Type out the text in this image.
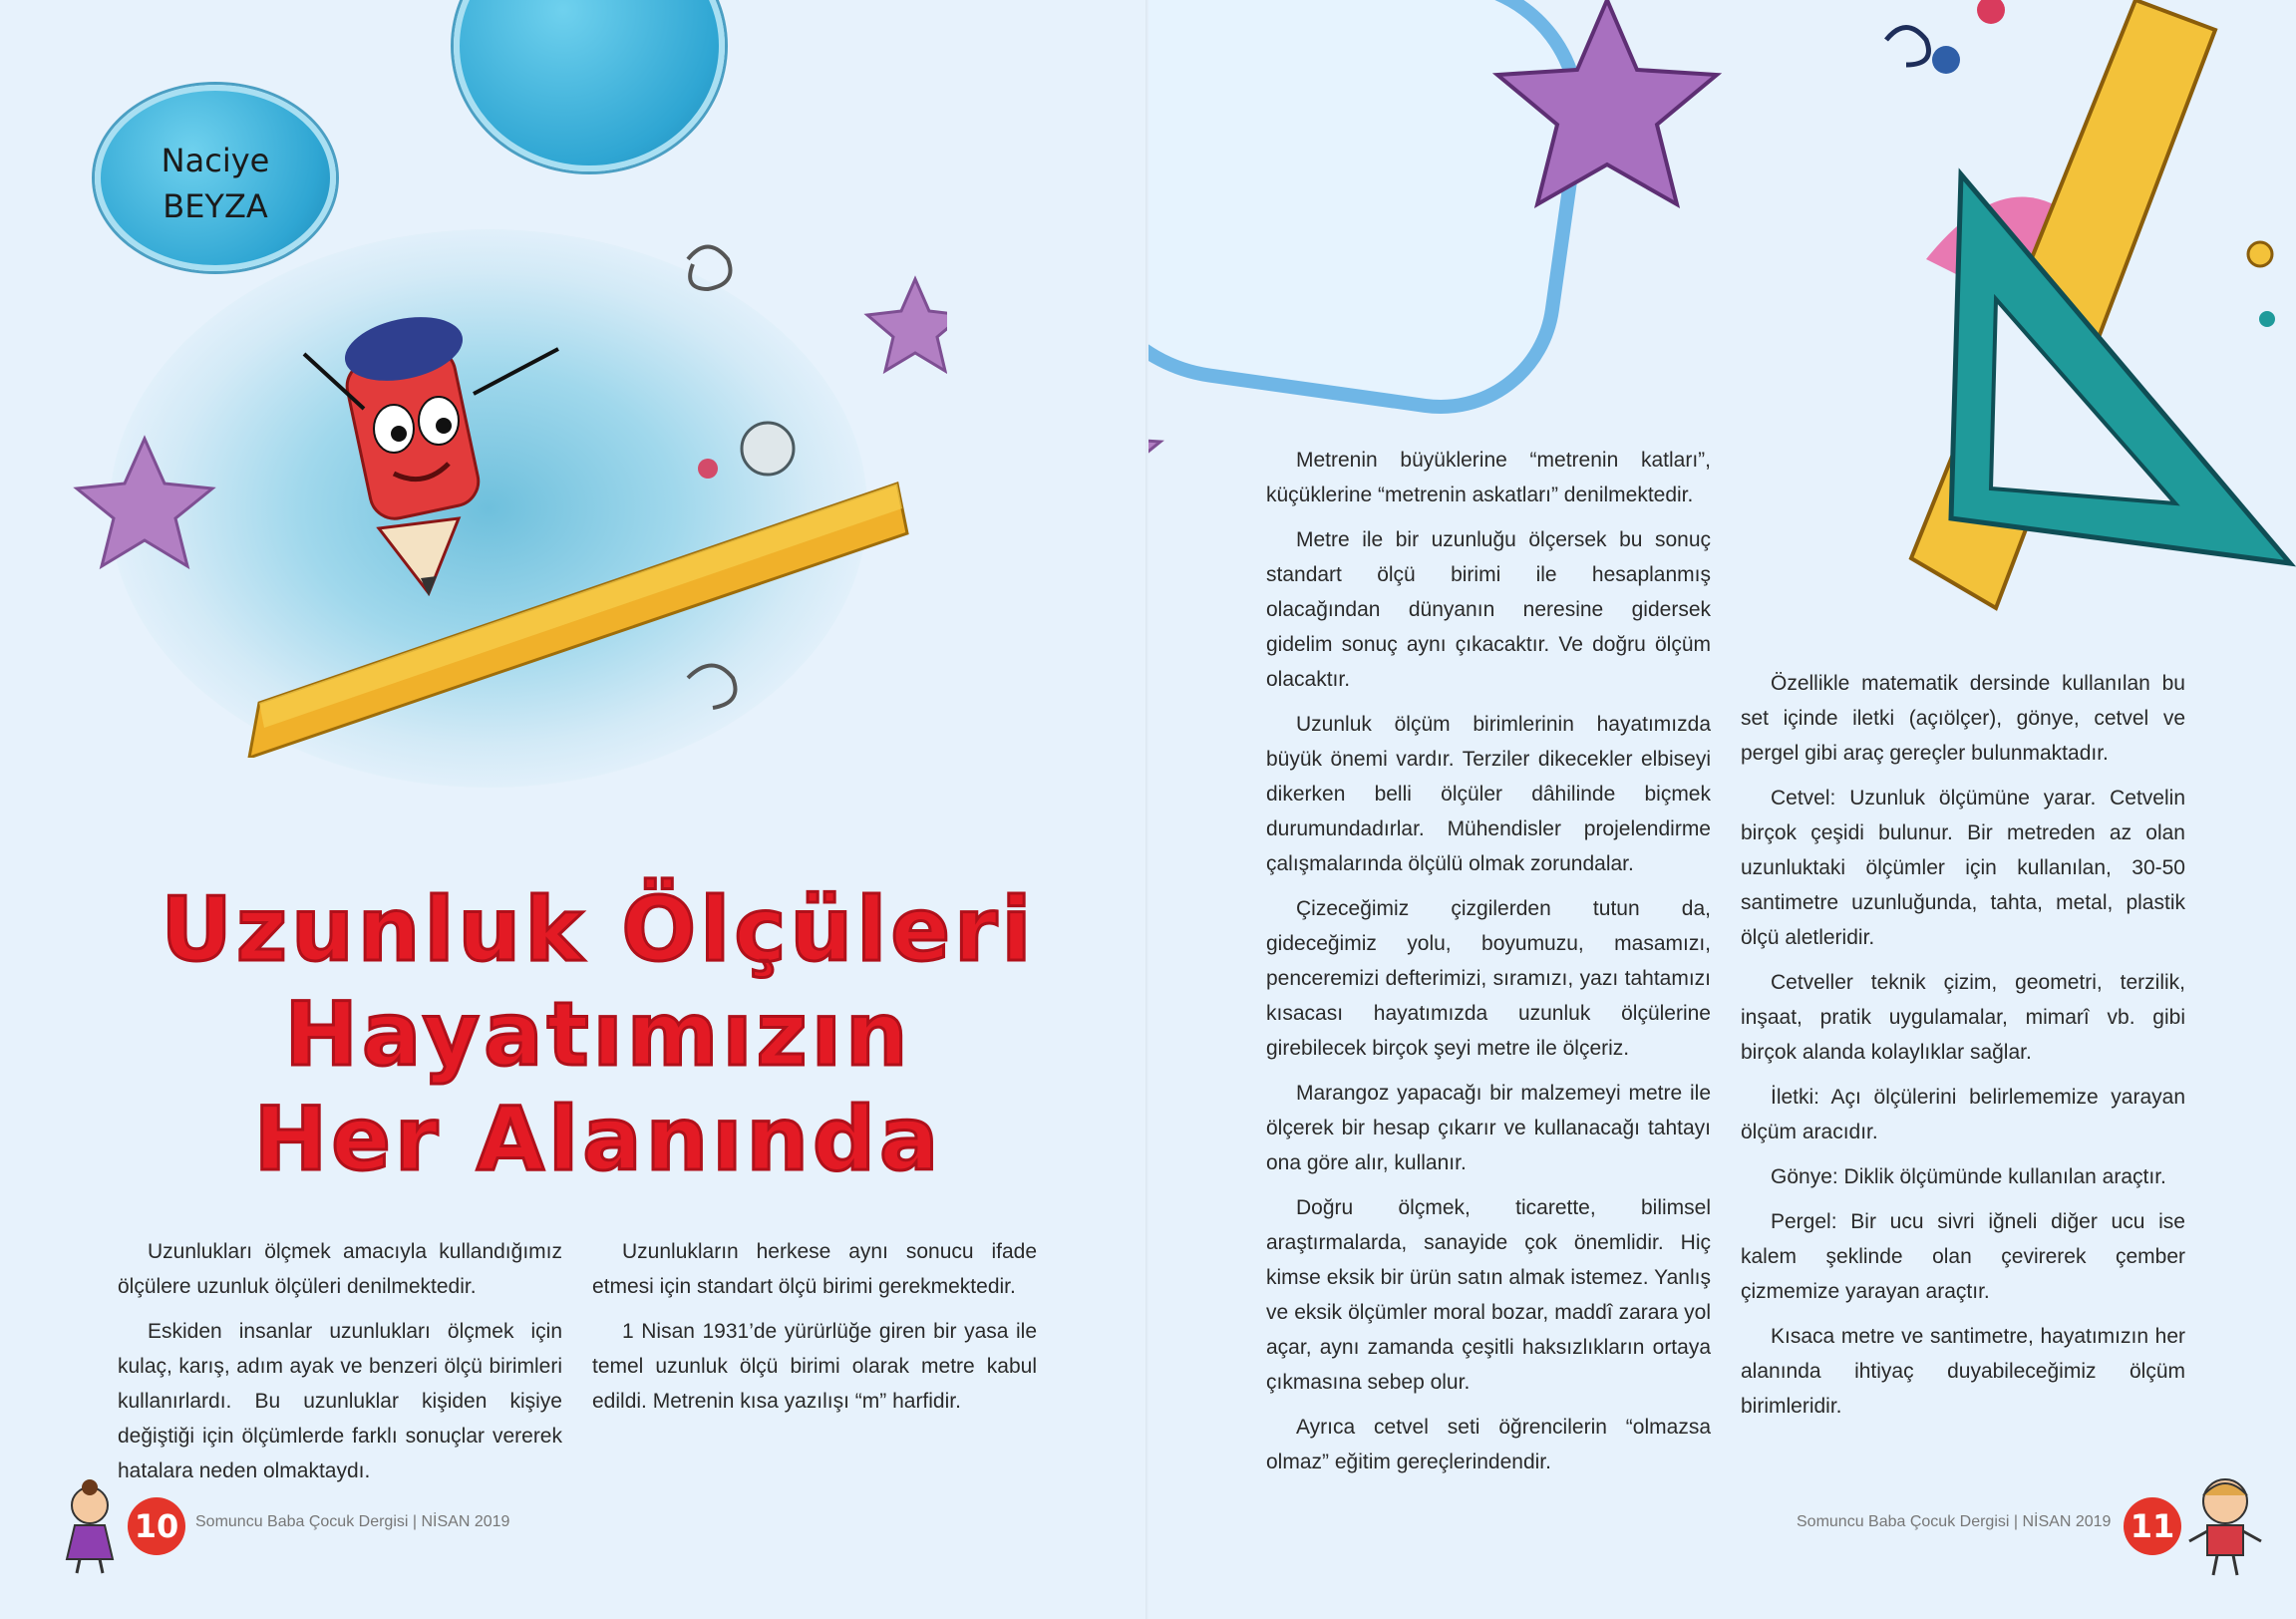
Naciye
BEYZA
Uzunluk Ölçüleri
Hayatımızın
Her Alanında

Uzunlukları ölçmek amacıyla kullandığımız ölçülere uzunluk ölçüleri denilmektedir.

Eskiden insanlar uzunlukları ölçmek için kulaç, karış, adım ayak ve benzeri ölçü birimleri kullanırlardı. Bu uzunluklar kişiden kişiye değiştiği için ölçümlerde farklı sonuçlar vererek hatalara neden olmaktaydı.

Uzunlukların herkese aynı sonucu ifade etmesi için standart ölçü birimi gerekmektedir.

1 Nisan 1931’de yürürlüğe giren bir yasa ile temel uzunluk ölçü birimi olarak metre kabul edildi. Metrenin kısa yazılışı “m” harfidir.

10	Somuncu Baba Çocuk Dergisi | NİSAN 2019

Metrenin büyüklerine “metrenin katları”, küçüklerine “metrenin askatları” denilmektedir.

Metre ile bir uzunluğu ölçersek bu sonuç standart ölçü birimi ile hesaplanmış olacağından dünyanın neresine gidersek gidelim sonuç aynı çıkacaktır. Ve doğru ölçüm olacaktır.

Uzunluk ölçüm birimlerinin hayatımızda büyük önemi vardır. Terziler dikecekler elbiseyi dikerken belli ölçüler dâhilinde biçmek durumundadırlar. Mühendisler projelendirme çalışmalarında ölçülü olmak zorundalar.

Çizeceğimiz çizgilerden tutun da, gideceğimiz yolu, boyumuzu, masamızı, penceremizi defterimizi, sıramızı, yazı tahtamızı kısacası hayatımızda uzunluk ölçülerine girebilecek birçok şeyi metre ile ölçeriz.

Marangoz yapacağı bir malzemeyi metre ile ölçerek bir hesap çıkarır ve kullanacağı tahtayı ona göre alır, kullanır.

Doğru ölçmek, ticarette, bilimsel araştırmalarda, sanayide çok önemlidir. Hiç kimse eksik bir ürün satın almak istemez. Yanlış ve eksik ölçümler moral bozar, maddî zarara yol açar, aynı zamanda çeşitli haksızlıkların ortaya çıkmasına sebep olur.

Ayrıca cetvel seti öğrencilerin “olmazsa olmaz” eğitim gereçlerindendir.

Özellikle matematik dersinde kullanılan bu set içinde iletki (açıölçer), gönye, cetvel ve pergel gibi araç gereçler bulunmaktadır.

Cetvel: Uzunluk ölçümüne yarar. Cetvelin birçok çeşidi bulunur. Bir metreden az olan uzunluktaki ölçümler için kullanılan, 30-50 santimetre uzunluğunda, tahta, metal, plastik ölçü aletleridir.

Cetveller teknik çizim, geometri, terzilik, inşaat, pratik uygulamalar, mimarî vb. gibi birçok alanda kolaylıklar sağlar.

İletki: Açı ölçülerini belirlememize yarayan ölçüm aracıdır.

Gönye: Diklik ölçümünde kullanılan araçtır.

Pergel: Bir ucu sivri iğneli diğer ucu ise kalem şeklinde olan çevirerek çember çizmemize yarayan araçtır.

Kısaca metre ve santimetre, hayatımızın her alanında ihtiyaç duyabileceğimiz ölçüm birimleridir.

Somuncu Baba Çocuk Dergisi | NİSAN 2019 11
